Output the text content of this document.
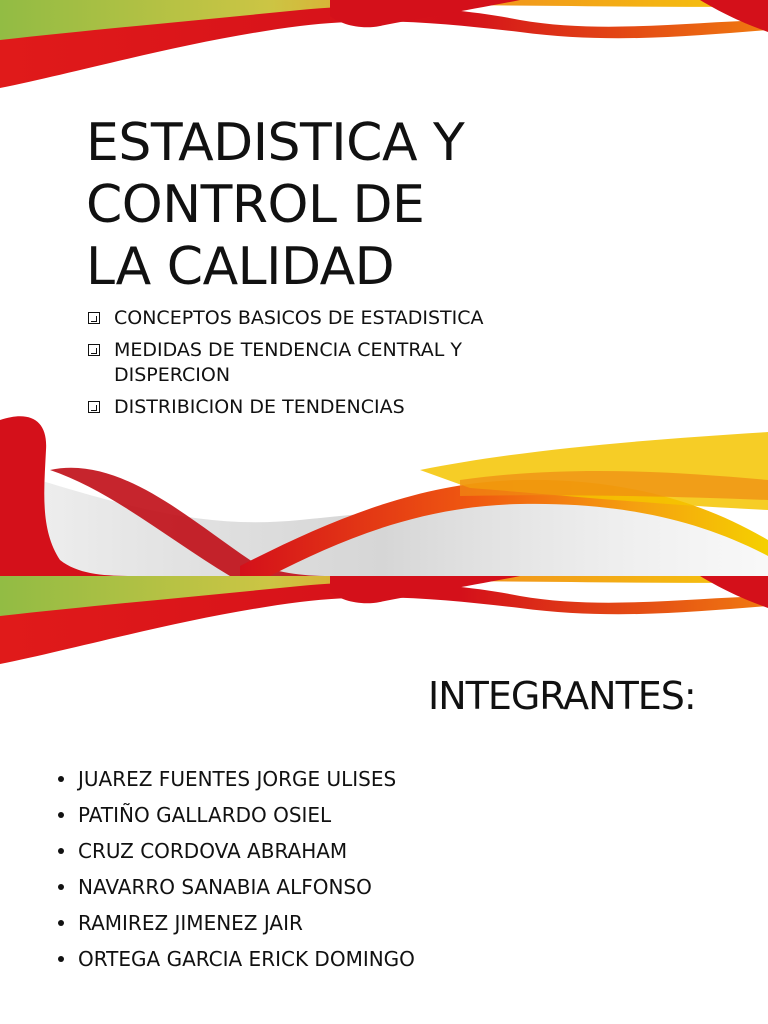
ESTADISTICA Y
CONTROL DE
LA CALIDAD
CONCEPTOS BASICOS DE ESTADISTICA
MEDIDAS DE TENDENCIA CENTRAL Y DISPERCION
DISTRIBICION DE TENDENCIAS
INTEGRANTES:
JUAREZ FUENTES JORGE ULISES
PATIÑO GALLARDO OSIEL
CRUZ CORDOVA ABRAHAM
NAVARRO SANABIA ALFONSO
RAMIREZ JIMENEZ JAIR
ORTEGA GARCIA ERICK DOMINGO
